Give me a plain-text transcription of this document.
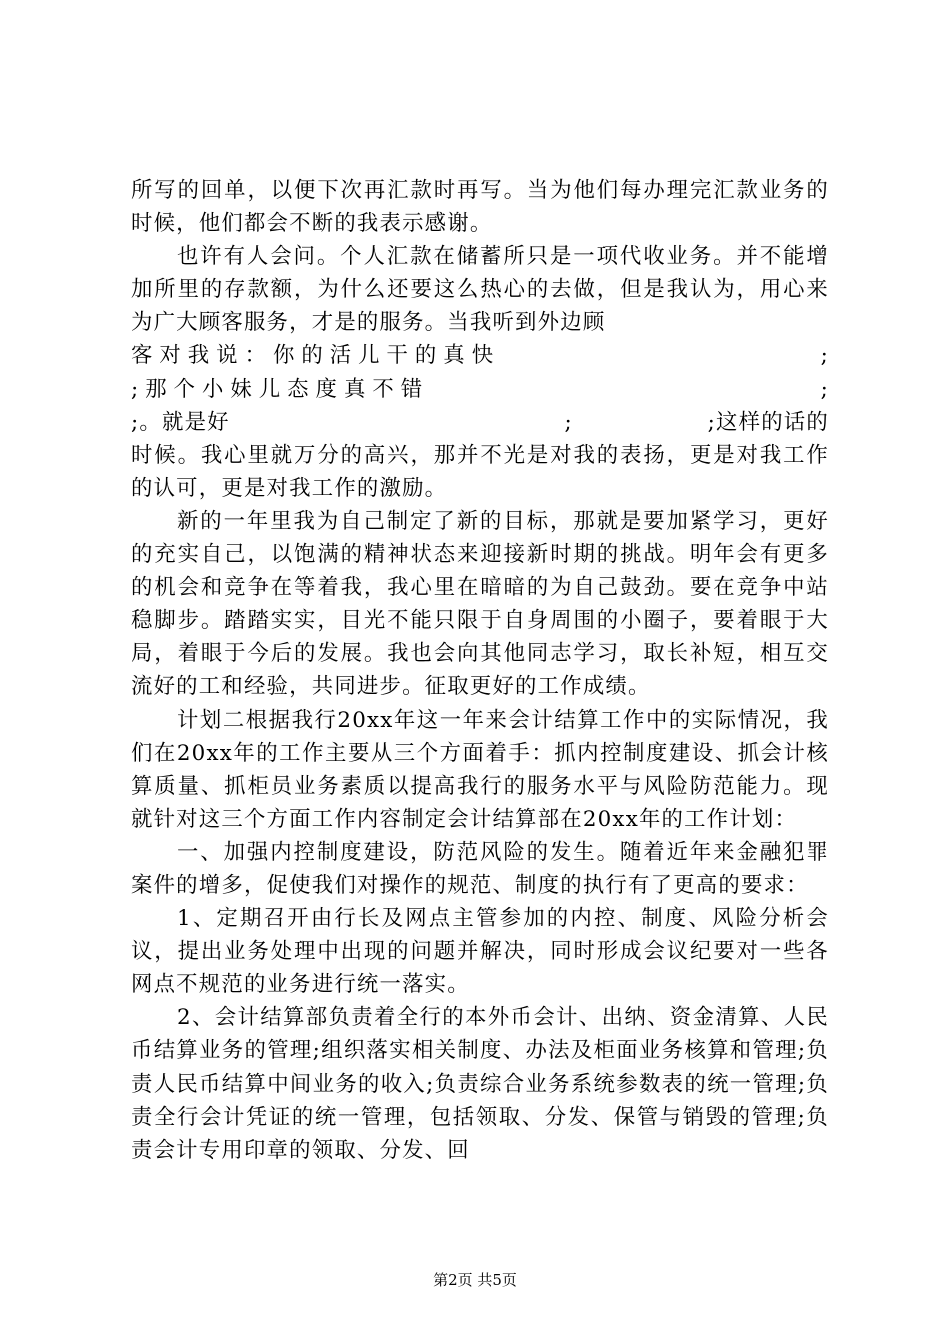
所写的回单，以便下次再汇款时再写。当为他们每办理完汇款业务的时候，他们都会不断的我表示感谢。

也许有人会问。个人汇款在储蓄所只是一项代收业务。并不能增加所里的存款额，为什么还要这么热心的去做，但是我认为，用心来为广大顾客服务，才是的服务。当我听到外边顾

客对我说：你的活儿干的真快	;
;那个小妹儿态度真不错	;
;。就是好	;	;这样的话的

时候。我心里就万分的高兴，那并不光是对我的表扬，更是对我工作的认可，更是对我工作的激励。

新的一年里我为自己制定了新的目标，那就是要加紧学习，更好的充实自己，以饱满的精神状态来迎接新时期的挑战。明年会有更多的机会和竞争在等着我，我心里在暗暗的为自己鼓劲。要在竞争中站稳脚步。踏踏实实，目光不能只限于自身周围的小圈子，要着眼于大局，着眼于今后的发展。我也会向其他同志学习，取长补短，相互交流好的工和经验，共同进步。征取更好的工作成绩。

计划二根据我行20xx年这一年来会计结算工作中的实际情况，我们在20xx年的工作主要从三个方面着手：抓内控制度建设、抓会计核算质量、抓柜员业务素质以提高我行的服务水平与风险防范能力。现就针对这三个方面工作内容制定会计结算部在20xx年的工作计划：

一、加强内控制度建设，防范风险的发生。随着近年来金融犯罪案件的增多，促使我们对操作的规范、制度的执行有了更高的要求：

1、定期召开由行长及网点主管参加的内控、制度、风险分析会议，提出业务处理中出现的问题并解决，同时形成会议纪要对一些各网点不规范的业务进行统一落实。

2、会计结算部负责着全行的本外币会计、出纳、资金清算、人民币结算业务的管理;组织落实相关制度、办法及柜面业务核算和管理;负责人民币结算中间业务的收入;负责综合业务系统参数表的统一管理;负责全行会计凭证的统一管理，包括领取、分发、保管与销毁的管理;负责会计专用印章的领取、分发、回

第2页 共5页
